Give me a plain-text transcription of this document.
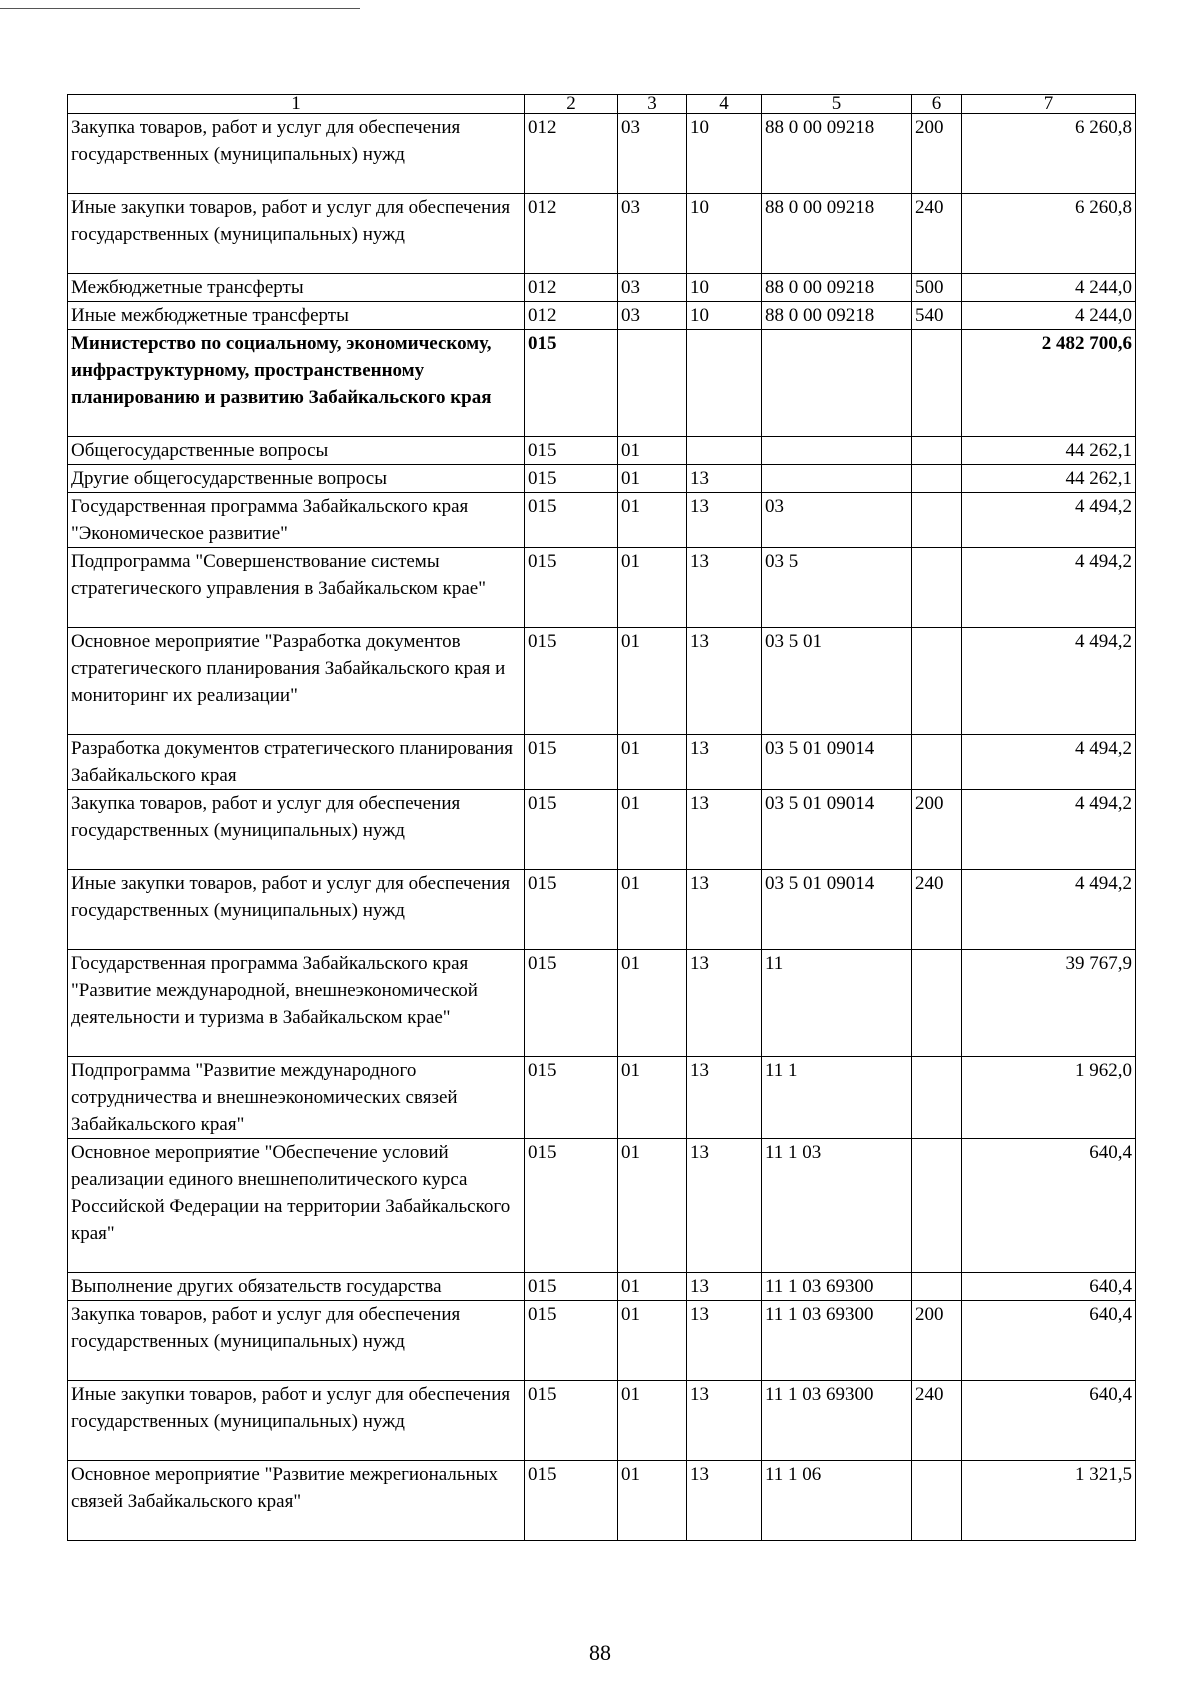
1	2	3	4	5	6	7
Закупка товаров, работ и услуг для обеспечения государственных (муниципальных) нужд	012	03	10	88 0 00 09218	200	6 260,8
Иные закупки товаров, работ и услуг для обеспечения государственных (муниципальных) нужд	012	03	10	88 0 00 09218	240	6 260,8
Межбюджетные трансферты	012	03	10	88 0 00 09218	500	4 244,0
Иные межбюджетные трансферты	012	03	10	88 0 00 09218	540	4 244,0
Министерство по социальному, экономическому, инфраструктурному, пространственному планированию и развитию Забайкальского края	015					2 482 700,6
Общегосударственные вопросы	015	01				44 262,1
Другие общегосударственные вопросы	015	01	13			44 262,1
Государственная программа Забайкальского края "Экономическое развитие"	015	01	13	03		4 494,2
Подпрограмма "Совершенствование системы стратегического управления в Забайкальском крае"	015	01	13	03 5		4 494,2
Основное мероприятие "Разработка документов стратегического планирования Забайкальского края и мониторинг их реализации"	015	01	13	03 5 01		4 494,2
Разработка документов стратегического планирования Забайкальского края	015	01	13	03 5 01 09014		4 494,2
Закупка товаров, работ и услуг для обеспечения государственных (муниципальных) нужд	015	01	13	03 5 01 09014	200	4 494,2
Иные закупки товаров, работ и услуг для обеспечения государственных (муниципальных) нужд	015	01	13	03 5 01 09014	240	4 494,2
Государственная программа Забайкальского края "Развитие международной, внешнеэкономической деятельности и туризма в Забайкальском крае"	015	01	13	11		39 767,9
Подпрограмма "Развитие международного сотрудничества и внешнеэкономических связей Забайкальского края"	015	01	13	11 1		1 962,0
Основное мероприятие "Обеспечение условий реализации единого внешнеполитического курса Российской Федерации на территории Забайкальского края"	015	01	13	11 1 03		640,4
Выполнение других обязательств государства	015	01	13	11 1 03 69300		640,4
Закупка товаров, работ и услуг для обеспечения государственных (муниципальных) нужд	015	01	13	11 1 03 69300	200	640,4
Иные закупки товаров, работ и услуг для обеспечения государственных (муниципальных) нужд	015	01	13	11 1 03 69300	240	640,4
Основное мероприятие "Развитие межрегиональных связей Забайкальского края"	015	01	13	11 1 06		1 321,5
88
